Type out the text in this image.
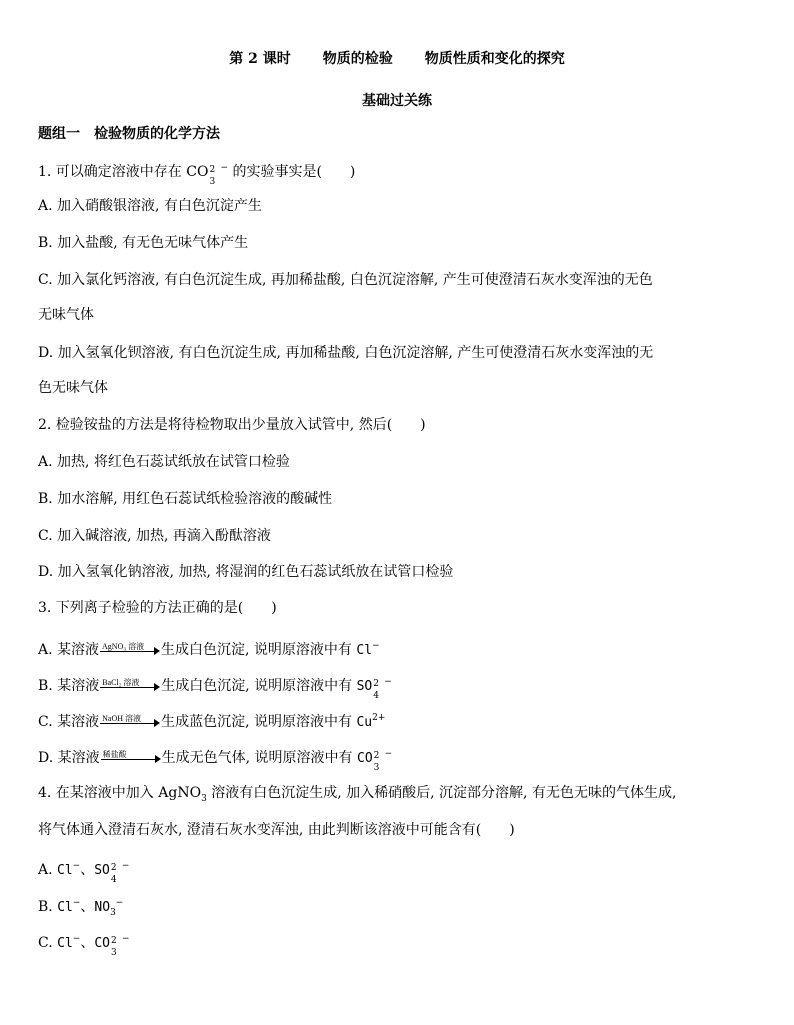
第 2 课时 物质的检验 物质性质和变化的探究
基础过关练
题组一　检验物质的化学方法
1. 可以确定溶液中存在 CO 2
3
− 的实验事实是(　　)
A. 加入硝酸银溶液, 有白色沉淀产生
B. 加入盐酸, 有无色无味气体产生
C. 加入氯化钙溶液, 有白色沉淀生成, 再加稀盐酸, 白色沉淀溶解, 产生可使澄清石灰水变浑浊的无色
无味气体
D. 加入氢氧化钡溶液, 有白色沉淀生成, 再加稀盐酸, 白色沉淀溶解, 产生可使澄清石灰水变浑浊的无
色无味气体
2. 检验铵盐的方法是将待检物取出少量放入试管中, 然后(　　)
A. 加热, 将红色石蕊试纸放在试管口检验
B. 加水溶解, 用红色石蕊试纸检验溶液的酸碱性
C. 加入碱溶液, 加热, 再滴入酚酞溶液
D. 加入氢氧化钠溶液, 加热, 将湿润的红色石蕊试纸放在试管口检验
3. 下列离子检验的方法正确的是(　　)
A. 某溶液 AgNO₃ 溶液 生成白色沉淀, 说明原溶液中有 Cl−
B. 某溶液 BaCl₂ 溶液 生成白色沉淀, 说明原溶液中有 SO 2
4
−
C. 某溶液 NaOH 溶液 生成蓝色沉淀, 说明原溶液中有 $Cu^{2+}$
D. 某溶液 稀盐酸	生成无色气体, 说明原溶液中有 CO 2
3
−
4. 在某溶液中加入 AgNO$_3$ 溶液有白色沉淀生成, 加入稀硝酸后, 沉淀部分溶解, 有无色无味的气体生成,
将气体通入澄清石灰水, 澄清石灰水变浑浊, 由此判断该溶液中可能含有(　　)
A. Cl−、SO 2
4
−
B. Cl−、$NO_3^-$
C. Cl−、CO 2
3
−
